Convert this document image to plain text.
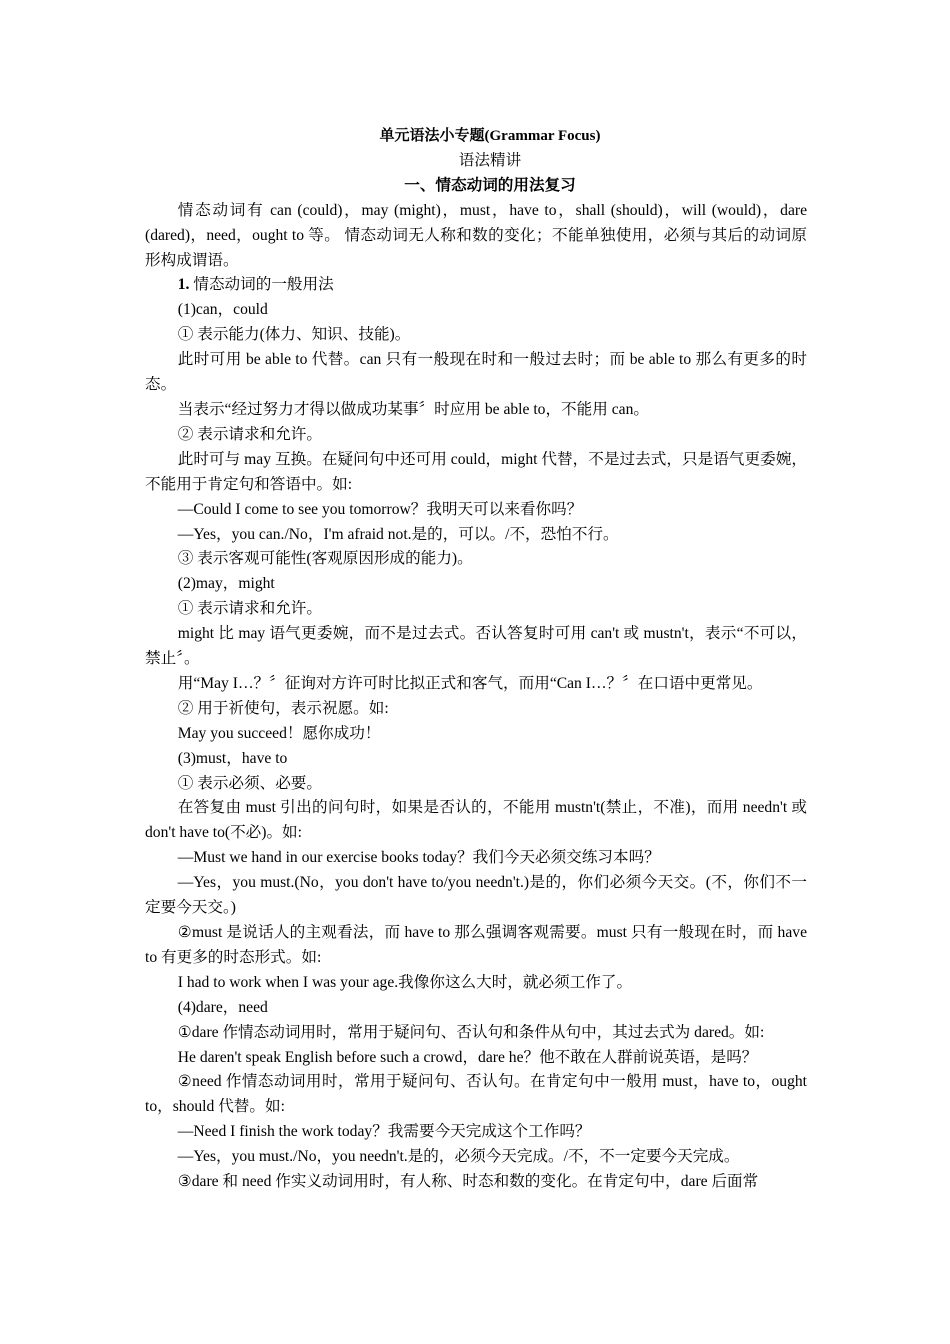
单元语法小专题(Grammar Focus)
语法精讲
一、情态动词的用法复习

情态动词有 can (could)，may (might)，must，have to，shall (should)，will (would)，dare (dared)，need，ought to 等。 情态动词无人称和数的变化；不能单独使用，必须与其后的动词原形构成谓语。

1. 情态动词的一般用法

(1)can，could

① 表示能力(体力、知识、技能)。

此时可用 be able to 代替。can 只有一般现在时和一般过去时；而 be able to 那么有更多的时态。

当表示“经过努力才得以做成功某事〞时应用 be able to，不能用 can。

② 表示请求和允许。

此时可与 may 互换。在疑问句中还可用 could，might 代替，不是过去式，只是语气更委婉，不能用于肯定句和答语中。如:

—Could I come to see you tomorrow？我明天可以来看你吗？

—Yes，you can./No，I'm afraid not.是的，可以。/不，恐怕不行。

③ 表示客观可能性(客观原因形成的能力)。

(2)may，might

① 表示请求和允许。

might 比 may 语气更委婉，而不是过去式。否认答复时可用 can't 或 mustn't，表示“不可以，禁止〞。

用“May I…？〞征询对方许可时比拟正式和客气，而用“Can I…？〞在口语中更常见。

② 用于祈使句，表示祝愿。如:

May you succeed！愿你成功！

(3)must，have to

① 表示必须、必要。

在答复由 must 引出的问句时，如果是否认的，不能用 mustn't(禁止，不准)，而用 needn't 或 don't have to(不必)。如:

—Must we hand in our exercise books today？我们今天必须交练习本吗？

—Yes，you must.(No，you don't have to/you needn't.)是的，你们必须今天交。(不，你们不一定要今天交。)

②must 是说话人的主观看法，而 have to 那么强调客观需要。must 只有一般现在时，而 have to 有更多的时态形式。如:

I had to work when I was your age.我像你这么大时，就必须工作了。

(4)dare，need

①dare 作情态动词用时，常用于疑问句、否认句和条件从句中，其过去式为 dared。如:

He daren't speak English before such a crowd，dare he？他不敢在人群前说英语，是吗？

②need 作情态动词用时，常用于疑问句、否认句。在肯定句中一般用 must，have to，ought to，should 代替。如:

—Need I finish the work today？我需要今天完成这个工作吗？

—Yes，you must./No，you needn't.是的，必须今天完成。/不，不一定要今天完成。

③dare 和 need 作实义动词用时，有人称、时态和数的变化。在肯定句中，dare 后面常
